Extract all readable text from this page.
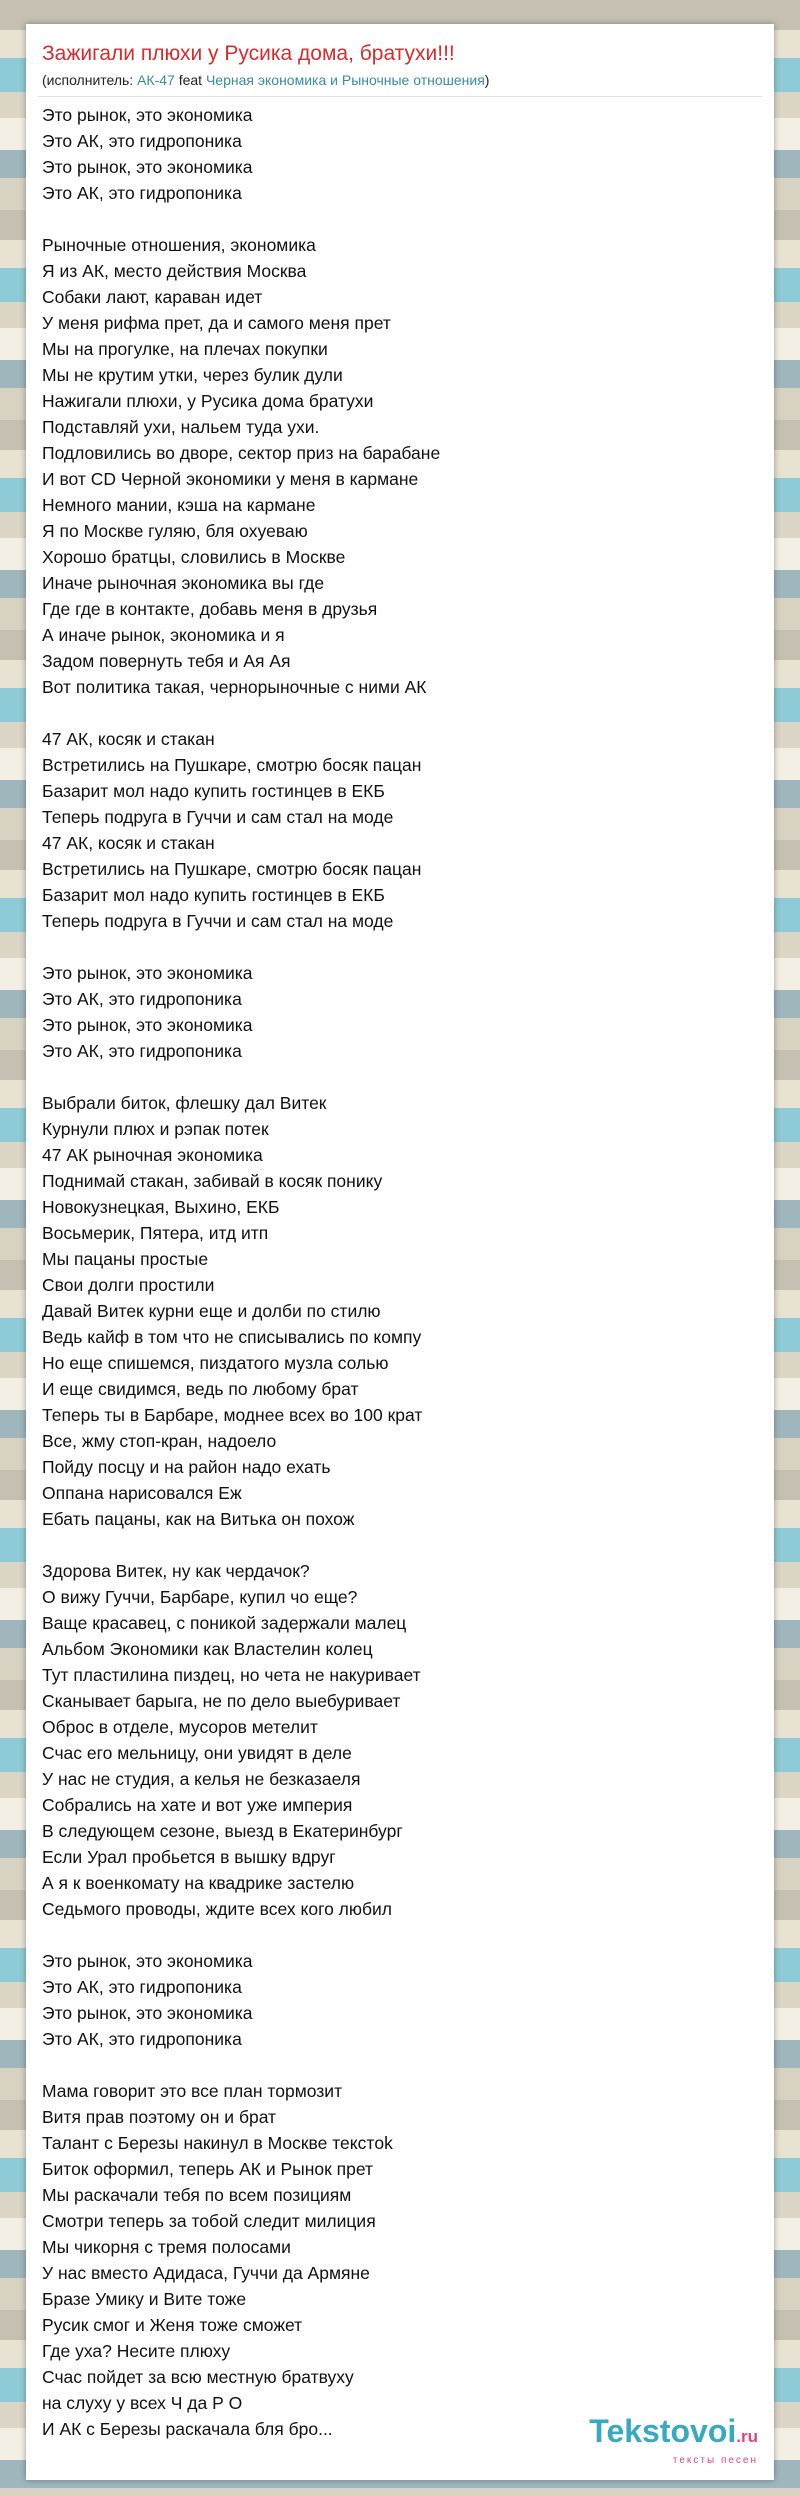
Зажигали плюхи у Русика дома, братухи!!!
(исполнитель: АК-47 feat Черная экономика и Рыночные отношения)
Это рынок, это экономика
Это АК, это гидропоника
Это рынок, это экономика
Это АК, это гидропоника
Рыночные отношения, экономика
Я из АК, место действия Москва
Собаки лают, караван идет
У меня рифма прет, да и самого меня прет
Мы на прогулке, на плечах покупки
Мы не крутим утки, через булик дули
Нажигали плюхи, у Русика дома братухи
Подставляй ухи, нальем туда ухи.
Подловились во дворе, сектор приз на барабане
И вот CD Черной экономики у меня в кармане
Немного мании, кэша на кармане
Я по Москве гуляю, бля охуеваю
Хорошо братцы, словились в Москве
Иначе рыночная экономика вы где
Где где в контакте, добавь меня в друзья
А иначе рынок, экономика и я
Задом повернуть тебя и Ая Ая
Вот политика такая, чернорыночные с ними АК
47 АК, косяк и стакан
Встретились на Пушкаре, смотрю босяк пацан
Базарит мол надо купить гостинцев в ЕКБ
Теперь подруга в Гуччи и сам стал на моде
47 АК, косяк и стакан
Встретились на Пушкаре, смотрю босяк пацан
Базарит мол надо купить гостинцев в ЕКБ
Теперь подруга в Гуччи и сам стал на моде
Это рынок, это экономика
Это АК, это гидропоника
Это рынок, это экономика
Это АК, это гидропоника
Выбрали биток, флешку дал Витек
Курнули плюх и рэпак потек
47 АК рыночная экономика
Поднимай стакан, забивай в косяк понику
Новокузнецкая, Выхино, ЕКБ
Восьмерик, Пятера, итд итп
Мы пацаны простые
Свои долги простили
Давай Витек курни еще и долби по стилю
Ведь кайф в том что не списывались по компу
Но еще спишемся, пиздатого музла солью
И еще свидимся, ведь по любому брат
Теперь ты в Барбаре, моднее всех во 100 крат
Все, жму стоп-кран, надоело
Пойду посцу и на район надо ехать
Оппана нарисовался Еж
Ебать пацаны, как на Витька он похож
Здорова Витек, ну как чердачок?
О вижу Гуччи, Барбаре, купил чо еще?
Ваще красавец, с поникой задержали малец
Альбом Экономики как Властелин колец
Тут пластилина пиздец, но чета не накуривает
Сканывает барыга, не по дело выебуривает
Оброс в отделе, мусоров метелит
Счас его мельницу, они увидят в деле
У нас не студия, а келья не безказаеля
Собрались на хате и вот уже империя
В следующем сезоне, выезд в Екатеринбург
Если Урал пробьется в вышку вдруг
А я к военкомату на квадрике застелю
Седьмого проводы, ждите всех кого любил
Это рынок, это экономика
Это АК, это гидропоника
Это рынок, это экономика
Это АК, это гидропоника
Мама говорит это все план тормозит
Витя прав поэтому он и брат
Талант с Березы накинул в Москве текстok
Биток оформил, теперь АК и Рынок прет
Мы раскачали тебя по всем позициям
Смотри теперь за тобой следит милиция
Мы чикорня с тремя полосами
У нас вместо Адидаса, Гуччи да Армяне
Бразе Умику и Вите тоже
Русик смог и Женя тоже сможет
Где уха? Несите плюху
Счас пойдет за всю местную братвуху
на слуху у всех Ч да Р О
И АК с Березы раскачала бля бро...	Tekstovoi.ru
тексты песен
